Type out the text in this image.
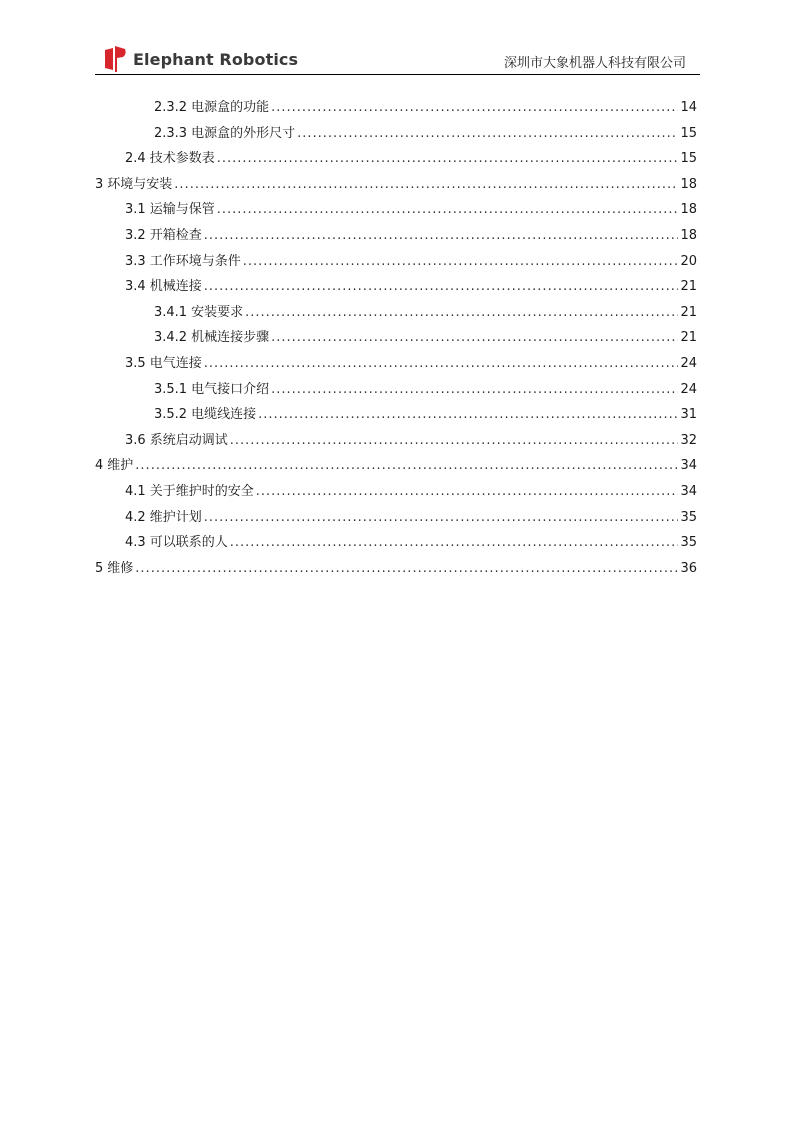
Elephant Robotics	深圳市大象机器人科技有限公司
2.3.2 电源盒的功能 .....	14
2.3.3 电源盒的外形尺寸 .....	15
2.4 技术参数表 .....	15
3 环境与安装 .....	18
3.1 运输与保管 .....	18
3.2 开箱检查 .....	18
3.3 工作环境与条件 .....	20
3.4 机械连接 .....	21
3.4.1 安装要求 .....	21
3.4.2 机械连接步骤 .....	21
3.5 电气连接 .....	24
3.5.1 电气接口介绍 .....	24
3.5.2 电缆线连接 .....	31
3.6 系统启动调试 .....	32
4 维护 .....	34
4.1 关于维护时的安全 .....	34
4.2 维护计划 .....	35
4.3 可以联系的人 .....	35
5 维修 .....	36
